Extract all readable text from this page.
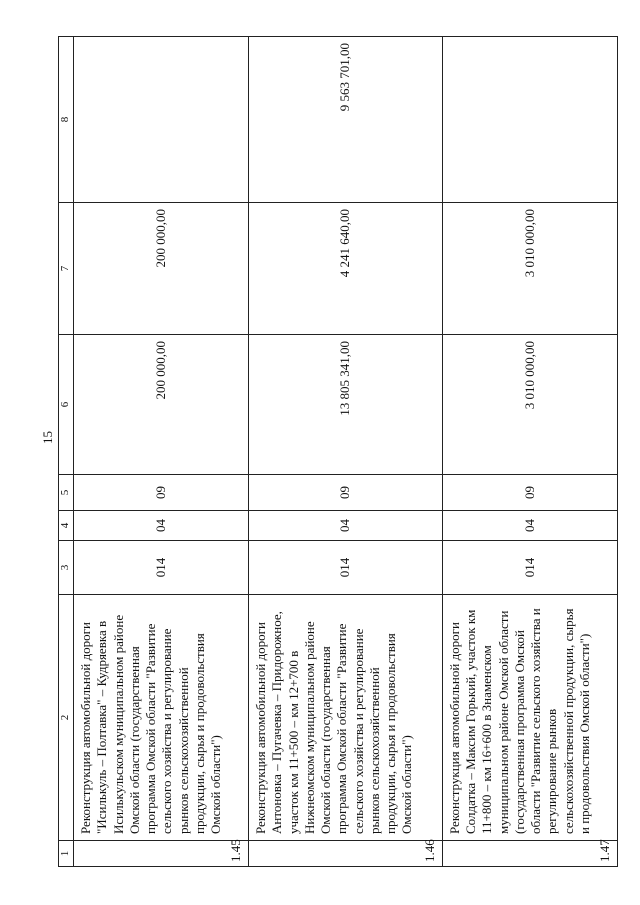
15
1	2	3	4	5	6	7	8
1.45	Реконструкция автомобильной дороги "Исилькуль – Полтавка" – Кудряевка в Исилькульском муниципальном районе Омской области (государственная программа Омской области "Развитие сельского хозяйства и регулирование рынков сельскохозяйственной продукции, сырья и продовольствия Омской области")	014	04	09	200 000,00	200 000,00	
1.46	Реконструкция автомобильной дороги Антоновка – Пугачевка – Придорожное, участок км 11+500 – км 12+700 в Нижнеомском муниципальном районе Омской области (государственная программа Омской области "Развитие сельского хозяйства и регулирование рынков сельскохозяйственной продукции, сырья и продовольствия Омской области")	014	04	09	13 805 341,00	4 241 640,00	9 563 701,00
1.47	Реконструкция автомобильной дороги Солдатка – Максим Горький, участок км 11+800 – км 16+600 в Знаменском муниципальном районе Омской области (государственная программа Омской области "Развитие сельского хозяйства и регулирование рынков сельскохозяйственной продукции, сырья и продовольствия Омской области")	014	04	09	3 010 000,00	3 010 000,00	
